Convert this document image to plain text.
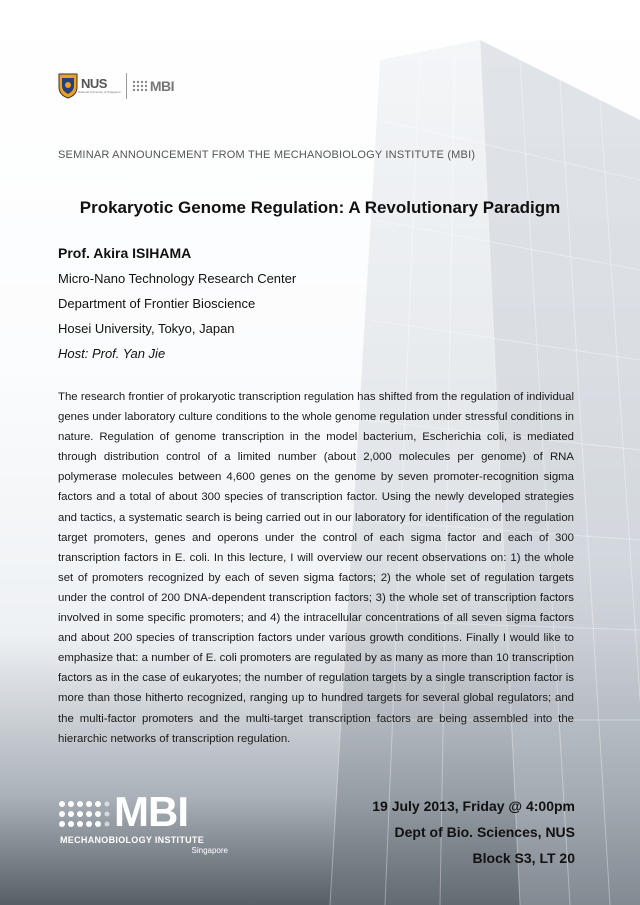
NUS
National University of Singapore MBI
SEMINAR ANNOUNCEMENT FROM THE MECHANOBIOLOGY INSTITUTE (MBI)
Prokaryotic Genome Regulation: A Revolutionary Paradigm
Prof. Akira ISIHAMA
Micro-Nano Technology Research Center
Department of Frontier Bioscience
Hosei University, Tokyo, Japan
Host: Prof. Yan Jie
The research frontier of prokaryotic transcription regulation has shifted from the regulation of individual genes under laboratory culture conditions to the whole genome regulation under stressful conditions in nature. Regulation of genome transcription in the model bacterium, Escherichia coli, is mediated through distribution control of a limited number (about 2,000 molecules per genome) of RNA polymerase molecules between 4,600 genes on the genome by seven promoter-recognition sigma factors and a total of about 300 species of transcription factor. Using the newly developed strategies and tactics, a systematic search is being carried out in our laboratory for identification of the regulation target promoters, genes and operons under the control of each sigma factor and each of 300 transcription factors in E. coli. In this lecture, I will overview our recent observations on: 1) the whole set of promoters recognized by each of seven sigma factors; 2) the whole set of regulation targets under the control of 200 DNA-dependent transcription factors; 3) the whole set of transcription factors involved in some specific promoters; and 4) the intracellular concentrations of all seven sigma factors and about 200 species of transcription factors under various growth conditions. Finally I would like to emphasize that: a number of E. coli promoters are regulated by as many as more than 10 transcription factors as in the case of eukaryotes; the number of regulation targets by a single transcription factor is more than those hitherto recognized, ranging up to hundred targets for several global regulators; and the multi-factor promoters and the multi-target transcription factors are being assembled into the hierarchic networks of transcription regulation.
MBI
MECHANOBIOLOGY INSTITUTE
Singapore
19 July 2013, Friday @ 4:00pm
Dept of Bio. Sciences, NUS
Block S3, LT 20
